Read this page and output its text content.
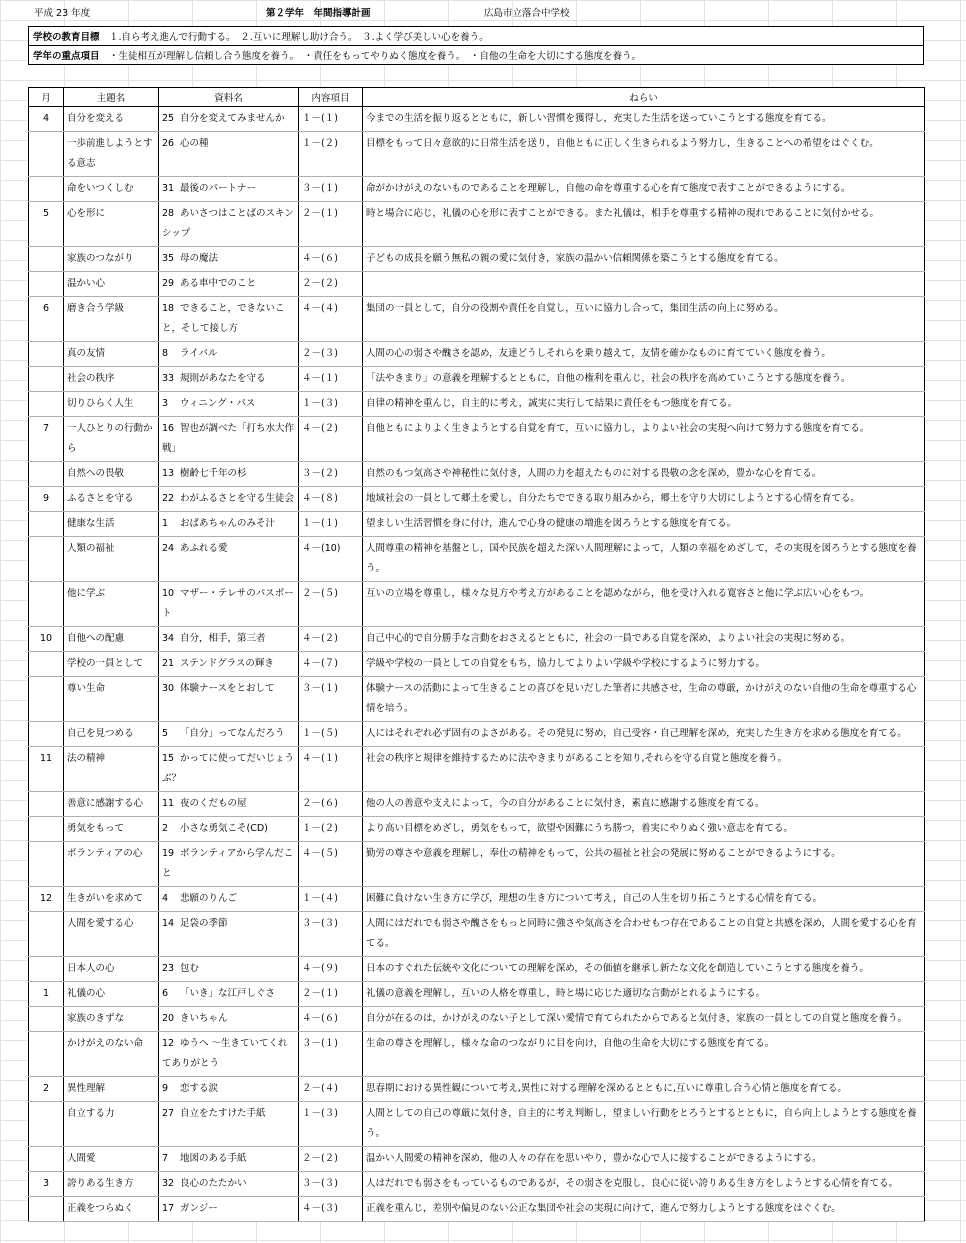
平成 23 年度	第２学年　年間指導計画	広島市立落合中学校
学校の教育目標　 １.自ら考え進んで行動する。　２.互いに理解し助け合う。　３.よく学び美しい心を養う。
学年の重点項目　 ・生徒相互が理解し信頼し合う態度を養う。　・責任をもってやりぬく態度を養う。　・自他の生命を大切にする態度を養う。
月	主題名	資料名	内容項目	ねらい
4	自分を変える	25 自分を変えてみませんか	１－(１)	今までの生活を振り返るとともに，新しい習慣を獲得し，充実した生活を送っていこうとする態度を育てる。
	一歩前進しようとする意志	26 心の種	１－(２)	目標をもって日々意欲的に日常生活を送り，自他ともに正しく生きられるよう努力し，生きることへの希望をはぐくむ。
	命をいつくしむ	31 最後のパートナー	３－(１)	命がかけがえのないものであることを理解し，自他の命を尊重する心を育て態度で表すことができるようにする。
5	心を形に	28 あいさつはことばのスキンシップ	２－(１)	時と場合に応じ，礼儀の心を形に表すことができる。また礼儀は，相手を尊重する精神の現れであることに気付かせる。
	家族のつながり	35 母の魔法	４－(６)	子どもの成長を願う無私の親の愛に気付き，家族の温かい信頼関係を築こうとする態度を育てる。
	温かい心	29 ある車中でのこと	２－(２)	
6	磨き合う学級	18 できること，できないこと，そして接し方	４－(４)	集団の一員として，自分の役割や責任を自覚し，互いに協力し合って，集団生活の向上に努める。
	真の友情	8 ライバル	２－(３)	人間の心の弱さや醜さを認め，友達どうしそれらを乗り越えて，友情を確かなものに育てていく態度を養う。
	社会の秩序	33 規則があなたを守る	４－(１)	「法やきまり」の意義を理解するとともに，自他の権利を重んじ，社会の秩序を高めていこうとする態度を養う。
	切りひらく人生	3 ウィニング・パス	１－(３)	自律の精神を重んじ，自主的に考え，誠実に実行して結果に責任をもつ態度を育てる。
7	一人ひとりの行動から	16 智也が調べた「打ち水大作戦」	４－(２)	自他ともによりよく生きようとする自覚を育て，互いに協力し，よりよい社会の実現へ向けて努力する態度を育てる。
	自然への畏敬	13 樹齢七千年の杉	３－(２)	自然のもつ気高さや神秘性に気付き，人間の力を超えたものに対する畏敬の念を深め，豊かな心を育てる。
9	ふるさとを守る	22 わがふるさとを守る生徒会	４－(８)	地域社会の一員として郷土を愛し，自分たちでできる取り組みから，郷土を守り大切にしようとする心情を育てる。
	健康な生活	1 おばあちゃんのみそ汁	１－(１)	望ましい生活習慣を身に付け，進んで心身の健康の増進を図ろうとする態度を育てる。
	人類の福祉	24 あふれる愛	４－(10)	人間尊重の精神を基盤とし，国や民族を超えた深い人間理解によって，人類の幸福をめざして，その実現を図ろうとする態度を養う。
	他に学ぶ	10 マザー・テレサのパスポート	２－(５)	互いの立場を尊重し，様々な見方や考え方があることを認めながら，他を受け入れる寛容さと他に学ぶ広い心をもつ。
10	自他への配慮	34 自分，相手，第三者	４－(２)	自己中心的で自分勝手な言動をおさえるとともに，社会の一員である自覚を深め，よりよい社会の実現に努める。
	学校の一員として	21 ステンドグラスの輝き	４－(７)	学級や学校の一員としての自覚をもち，協力してよりよい学級や学校にするように努力する。
	尊い生命	30 体験ナースをとおして	３－(１)	体験ナースの活動によって生きることの喜びを見いだした筆者に共感させ，生命の尊厳，かけがえのない自他の生命を尊重する心情を培う。
	自己を見つめる	5 「自分」ってなんだろう	１－(５)	人にはそれぞれ必ず固有のよさがある。その発見に努め，自己受容・自己理解を深め，充実した生き方を求める態度を育てる。
11	法の精神	15 かってに使ってだいじょうぶ？	４－(１)	社会の秩序と規律を維持するために法やきまりがあることを知り,それらを守る自覚と態度を養う。
	善意に感謝する心	11 夜のくだもの屋	２－(６)	他の人の善意や支えによって，今の自分があることに気付き，素直に感謝する態度を育てる。
	勇気をもって	2 小さな勇気こそ(CD)	１－(２)	より高い目標をめざし，勇気をもって，欲望や困難にうち勝つ，着実にやりぬく強い意志を育てる。
	ボランティアの心	19 ボランティアから学んだこと	４－(５)	勤労の尊さや意義を理解し，奉仕の精神をもって，公共の福祉と社会の発展に努めることができるようにする。
12	生きがいを求めて	4 悲願のりんご	１－(４)	困難に負けない生き方に学び，理想の生き方について考え，自己の人生を切り拓こうとする心情を育てる。
	人間を愛する心	14 足袋の季節	３－(３)	人間にはだれでも弱さや醜さをもっと同時に強さや気高さを合わせもつ存在であることの自覚と共感を深め，人間を愛する心を育てる。
	日本人の心	23 包む	４－(９)	日本のすぐれた伝統や文化についての理解を深め，その価値を継承し新たな文化を創造していこうとする態度を養う。
1	礼儀の心	6 「いき」な江戸しぐさ	２－(１)	礼儀の意義を理解し，互いの人格を尊重し，時と場に応じた適切な言動がとれるようにする。
	家族のきずな	20 きいちゃん	４－(６)	自分が在るのは，かけがえのない子として深い愛情で育てられたからであると気付き，家族の一員としての自覚と態度を養う。
	かけがえのない命	12 ゆうへ ～生きていてくれてありがとう	３－(１)	生命の尊さを理解し，様々な命のつながりに目を向け，自他の生命を大切にする態度を育てる。
2	異性理解	9 恋する涙	２－(４)	思春期における異性観について考え,異性に対する理解を深めるとともに,互いに尊重し合う心情と態度を育てる。
	自立する力	27 自立をたすけた手紙	１－(３)	人間としての自己の尊厳に気付き，自主的に考え判断し，望ましい行動をとろうとするとともに，自ら向上しようとする態度を養う。
	人間愛	7 地図のある手紙	２－(２)	温かい人間愛の精神を深め，他の人々の存在を思いやり，豊かな心で人に接することができるようにする。
3	誇りある生き方	32 良心のたたかい	３－(３)	人はだれでも弱さをもっているものであるが，その弱さを克服し，良心に従い誇りある生き方をしようとする心情を育てる。
	正義をつらぬく	17 ガンジー	４－(３)	正義を重んじ，差別や偏見のない公正な集団や社会の実現に向けて，進んで努力しようとする態度をはぐくむ。
